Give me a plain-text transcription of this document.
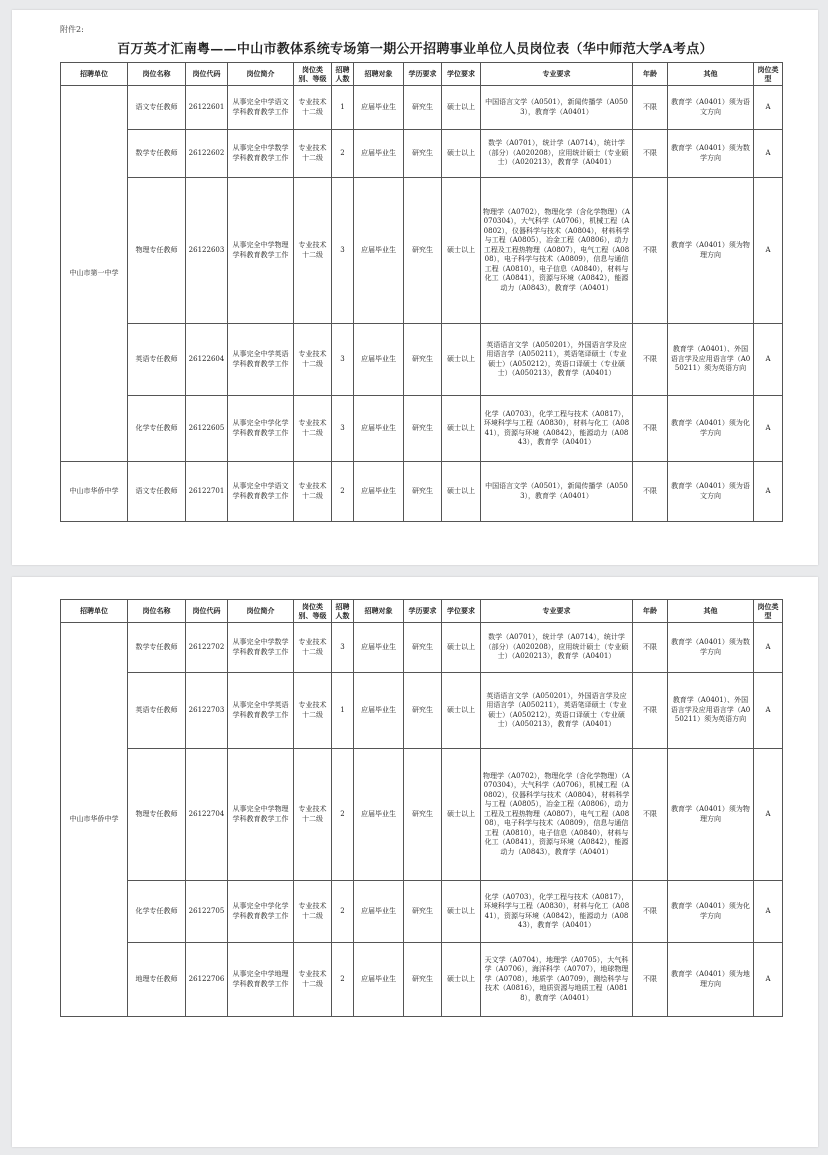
附件2:
百万英才汇南粤——中山市教体系统专场第一期公开招聘事业单位人员岗位表（华中师范大学A考点）
招聘单位	岗位名称	岗位代码	岗位简介	岗位类别、等级	招聘人数	招聘对象	学历要求	学位要求	专业要求	年龄	其他	岗位类型
中山市第一中学	语文专任教师	26122601	从事完全中学语文学科教育教学工作	专业技术十二级	1	应届毕业生	研究生	硕士以上	中国语言文学（A0501），新闻传播学（A0503），教育学（A0401）	不限	教育学（A0401）须为语文方向	A
	数学专任教师	26122602	从事完全中学数学学科教育教学工作	专业技术十二级	2	应届毕业生	研究生	硕士以上	数学（A0701），统计学（A0714），统计学（部分）（A020208），应用统计硕士（专业硕士）（A020213），教育学（A0401）	不限	教育学（A0401）须为数学方向	A
	物理专任教师	26122603	从事完全中学物理学科教育教学工作	专业技术十二级	3	应届毕业生	研究生	硕士以上	物理学（A0702），物理化学（含化学物理）（A070304），大气科学（A0706），机械工程（A0802），仪器科学与技术（A0804），材料科学与工程（A0805），冶金工程（A0806），动力工程及工程热物理（A0807），电气工程（A0808），电子科学与技术（A0809），信息与通信工程（A0810），电子信息（A0840），材料与化工（A0841），资源与环境（A0842），能源动力（A0843），教育学（A0401）	不限	教育学（A0401）须为物理方向	A
	英语专任教师	26122604	从事完全中学英语学科教育教学工作	专业技术十二级	3	应届毕业生	研究生	硕士以上	英语语言文学（A050201），外国语言学及应用语言学（A050211），英语笔译硕士（专业硕士）（A050212），英语口译硕士（专业硕士）（A050213），教育学（A0401）	不限	教育学（A0401）、外国语言学及应用语言学（A050211）须为英语方向	A
	化学专任教师	26122605	从事完全中学化学学科教育教学工作	专业技术十二级	3	应届毕业生	研究生	硕士以上	化学（A0703），化学工程与技术（A0817），环境科学与工程（A0830），材料与化工（A0841），资源与环境（A0842），能源动力（A0843），教育学（A0401）	不限	教育学（A0401）须为化学方向	A
中山市华侨中学	语文专任教师	26122701	从事完全中学语文学科教育教学工作	专业技术十二级	2	应届毕业生	研究生	硕士以上	中国语言文学（A0501），新闻传播学（A0503），教育学（A0401）	不限	教育学（A0401）须为语文方向	A
招聘单位	岗位名称	岗位代码	岗位简介	岗位类别、等级	招聘人数	招聘对象	学历要求	学位要求	专业要求	年龄	其他	岗位类型
中山市华侨中学	数学专任教师	26122702	从事完全中学数学学科教育教学工作	专业技术十二级	3	应届毕业生	研究生	硕士以上	数学（A0701），统计学（A0714），统计学（部分）（A020208），应用统计硕士（专业硕士）（A020213），教育学（A0401）	不限	教育学（A0401）须为数学方向	A
	英语专任教师	26122703	从事完全中学英语学科教育教学工作	专业技术十二级	1	应届毕业生	研究生	硕士以上	英语语言文学（A050201），外国语言学及应用语言学（A050211），英语笔译硕士（专业硕士）（A050212），英语口译硕士（专业硕士）（A050213），教育学（A0401）	不限	教育学（A0401）、外国语言学及应用语言学（A050211）须为英语方向	A
	物理专任教师	26122704	从事完全中学物理学科教育教学工作	专业技术十二级	2	应届毕业生	研究生	硕士以上	物理学（A0702），物理化学（含化学物理）（A070304），大气科学（A0706），机械工程（A0802），仪器科学与技术（A0804），材料科学与工程（A0805），冶金工程（A0806），动力工程及工程热物理（A0807），电气工程（A0808），电子科学与技术（A0809），信息与通信工程（A0810），电子信息（A0840），材料与化工（A0841），资源与环境（A0842），能源动力（A0843），教育学（A0401）	不限	教育学（A0401）须为物理方向	A
	化学专任教师	26122705	从事完全中学化学学科教育教学工作	专业技术十二级	2	应届毕业生	研究生	硕士以上	化学（A0703），化学工程与技术（A0817），环境科学与工程（A0830），材料与化工（A0841），资源与环境（A0842），能源动力（A0843），教育学（A0401）	不限	教育学（A0401）须为化学方向	A
	地理专任教师	26122706	从事完全中学地理学科教育教学工作	专业技术十二级	2	应届毕业生	研究生	硕士以上	天文学（A0704），地理学（A0705），大气科学（A0706），海洋科学（A0707），地球物理学（A0708），地质学（A0709），测绘科学与技术（A0816），地质资源与地质工程（A0818），教育学（A0401）	不限	教育学（A0401）须为地理方向	A
